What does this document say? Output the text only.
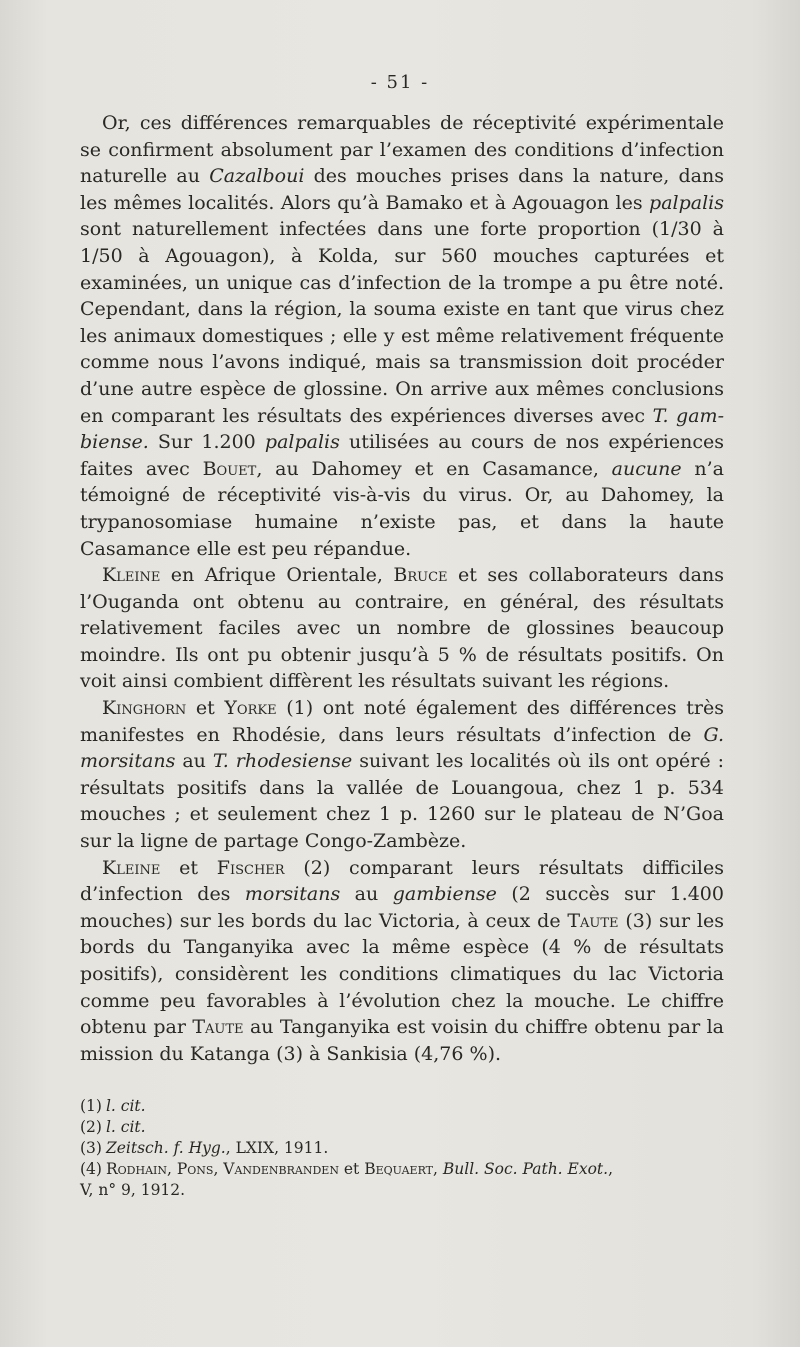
- 51 -

Or, ces différences remarquables de réceptivité expérimentale se confirment absolument par l’examen des conditions d’infection naturelle au Cazalboui des mouches prises dans la nature, dans les mêmes localités. Alors qu’à Bamako et à Agouagon les palpalis sont naturellement infectées dans une forte proportion (1/30 à 1/50 à Agouagon), à Kolda, sur 560 mouches capturées et examinées, un unique cas d’infection de la trompe a pu être noté. Cependant, dans la région, la souma existe en tant que virus chez les animaux domestiques ; elle y est même relativement fréquente comme nous l’avons indiqué, mais sa transmission doit procéder d’une autre espèce de glossine. On arrive aux mêmes conclusions en comparant les résultats des expériences diverses avec T. gam-biense. Sur 1.200 palpalis utilisées au cours de nos expériences faites avec Bouet, au Dahomey et en Casamance, aucune n’a témoigné de réceptivité vis-à-vis du virus. Or, au Dahomey, la trypanosomiase humaine n’existe pas, et dans la haute Casamance elle est peu répandue.

Kleine en Afrique Orientale, Bruce et ses collaborateurs dans l’Ouganda ont obtenu au contraire, en général, des résultats relativement faciles avec un nombre de glossines beaucoup moindre. Ils ont pu obtenir jusqu’à 5 % de résultats positifs. On voit ainsi combient diffèrent les résultats suivant les régions.

Kinghorn et Yorke (1) ont noté également des différences très manifestes en Rhodésie, dans leurs résultats d’infection de G. morsitans au T. rhodesiense suivant les localités où ils ont opéré : résultats positifs dans la vallée de Louangoua, chez 1 p. 534 mouches ; et seulement chez 1 p. 1260 sur le plateau de N’Goa sur la ligne de partage Congo-Zambèze.

Kleine et Fischer (2) comparant leurs résultats difficiles d’infection des morsitans au gambiense (2 succès sur 1.400 mouches) sur les bords du lac Victoria, à ceux de Taute (3) sur les bords du Tanganyika avec la même espèce (4 % de résultats positifs), considèrent les conditions climatiques du lac Victoria comme peu favorables à l’évolution chez la mouche. Le chiffre obtenu par Taute au Tanganyika est voisin du chiffre obtenu par la mission du Katanga (3) à Sankisia (4,76 %).

(1) l. cit.

(2) l. cit.

(3) Zeitsch. f. Hyg., LXIX, 1911.

(4) Rodhain, Pons, Vandenbranden et Bequaert, Bull. Soc. Path. Exot.,

V, n° 9, 1912.
